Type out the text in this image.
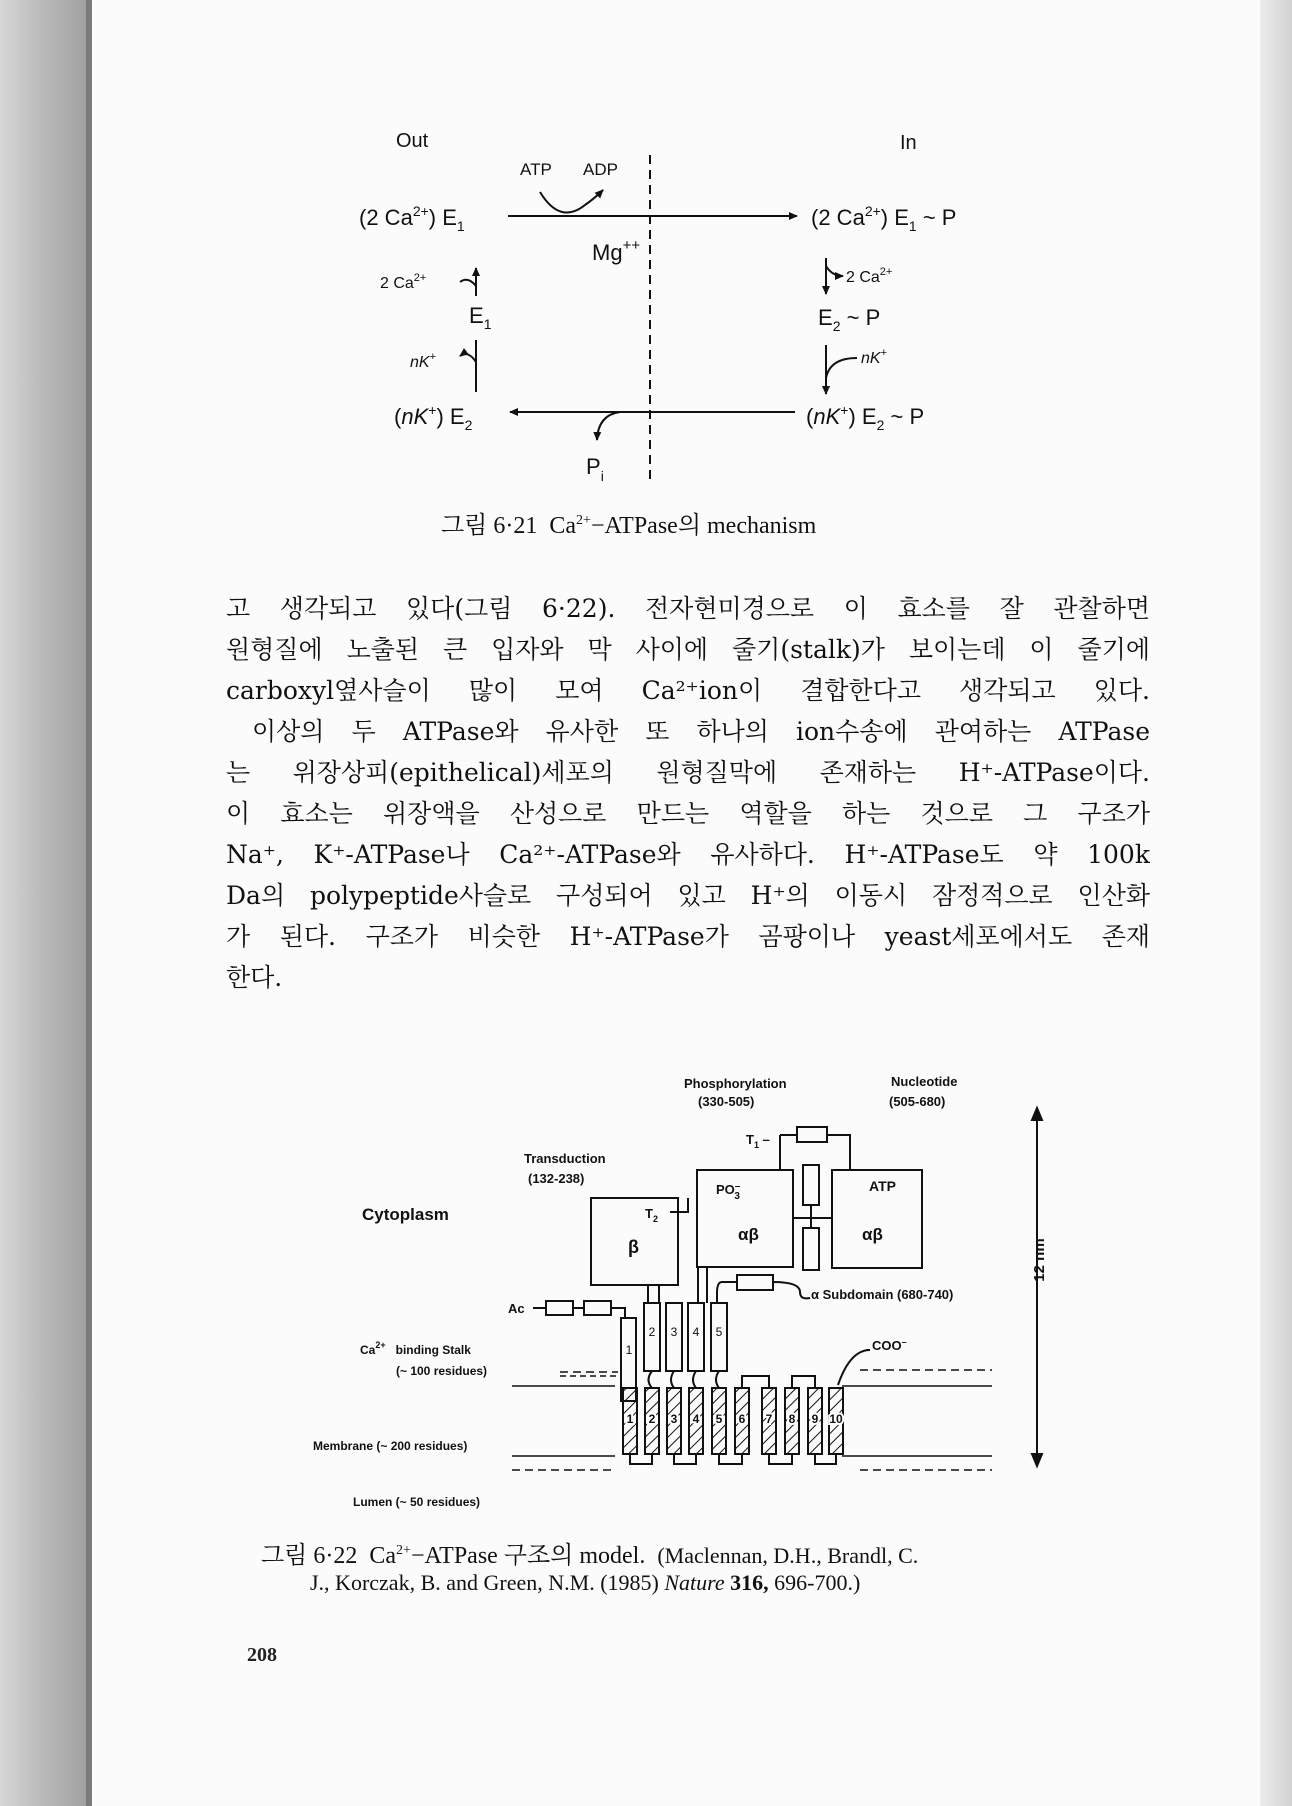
Out	In
ATP ADP
(2 $Ca^{2+}$) $E_1$	(2 $Ca^{2+}$) $E_1$ ~ P
Mg++
2 $Ca^{2+}$
$E_1$
nK+
2 $Ca^{2+}$
$E_2$ ~ P
nK+
(nK+) $E_2$	(nK+) $E_2$ ~ P
$P_i$
그림 6·21 $Ca^{2+}-ATPase$의 mechanism
고 생각되고 있다(그림 6·22). 전자현미경으로 이 효소를 잘 관찰하면
원형질에 노출된 큰 입자와 막 사이에 줄기(stalk)가 보이는데 이 줄기에
carboxyl옆사슬이 많이 모여 Ca²⁺ion이 결합한다고 생각되고 있다.
이상의 두 ATPase와 유사한 또 하나의 ion수송에 관여하는 ATPase
는 위장상피(epithelical)세포의 원형질막에 존재하는 H⁺-ATPase이다.
이 효소는 위장액을 산성으로 만드는 역할을 하는 것으로 그 구조가
Na⁺, K⁺-ATPase나 Ca²⁺-ATPase와 유사하다. H⁺-ATPase도 약 100k
Da의 polypeptide사슬로 구성되어 있고 H⁺의 이동시 잠정적으로 인산화
가 된다. 구조가 비슷한 H⁺-ATPase가 곰팡이나 yeast세포에서도 존재
한다.
Phosphorylation
(330-505)
Nucleotide
(505-680)
Transduction
(132-238)
Cytoplasm
PO– 3
ATP
αβ	αβ
β
$T_2$
$T_1$ –
12 nm
Ac
α Subdomain (680-740)
$Ca^{2+}$ binding Stalk
(~ 100 residues)
COO–
Membrane (~ 200 residues)
Lumen (~ 50 residues)
1
2 3 4 5
1 2 3 4 5 6 7 8 9 10
그림 6·22 $Ca^{2+}-ATPase$ 구조의 model. (Maclennan, D.H., Brandl, C.
J., Korczak, B. and Green, N.M. (1985) Nature 316, 696-700.)
208
